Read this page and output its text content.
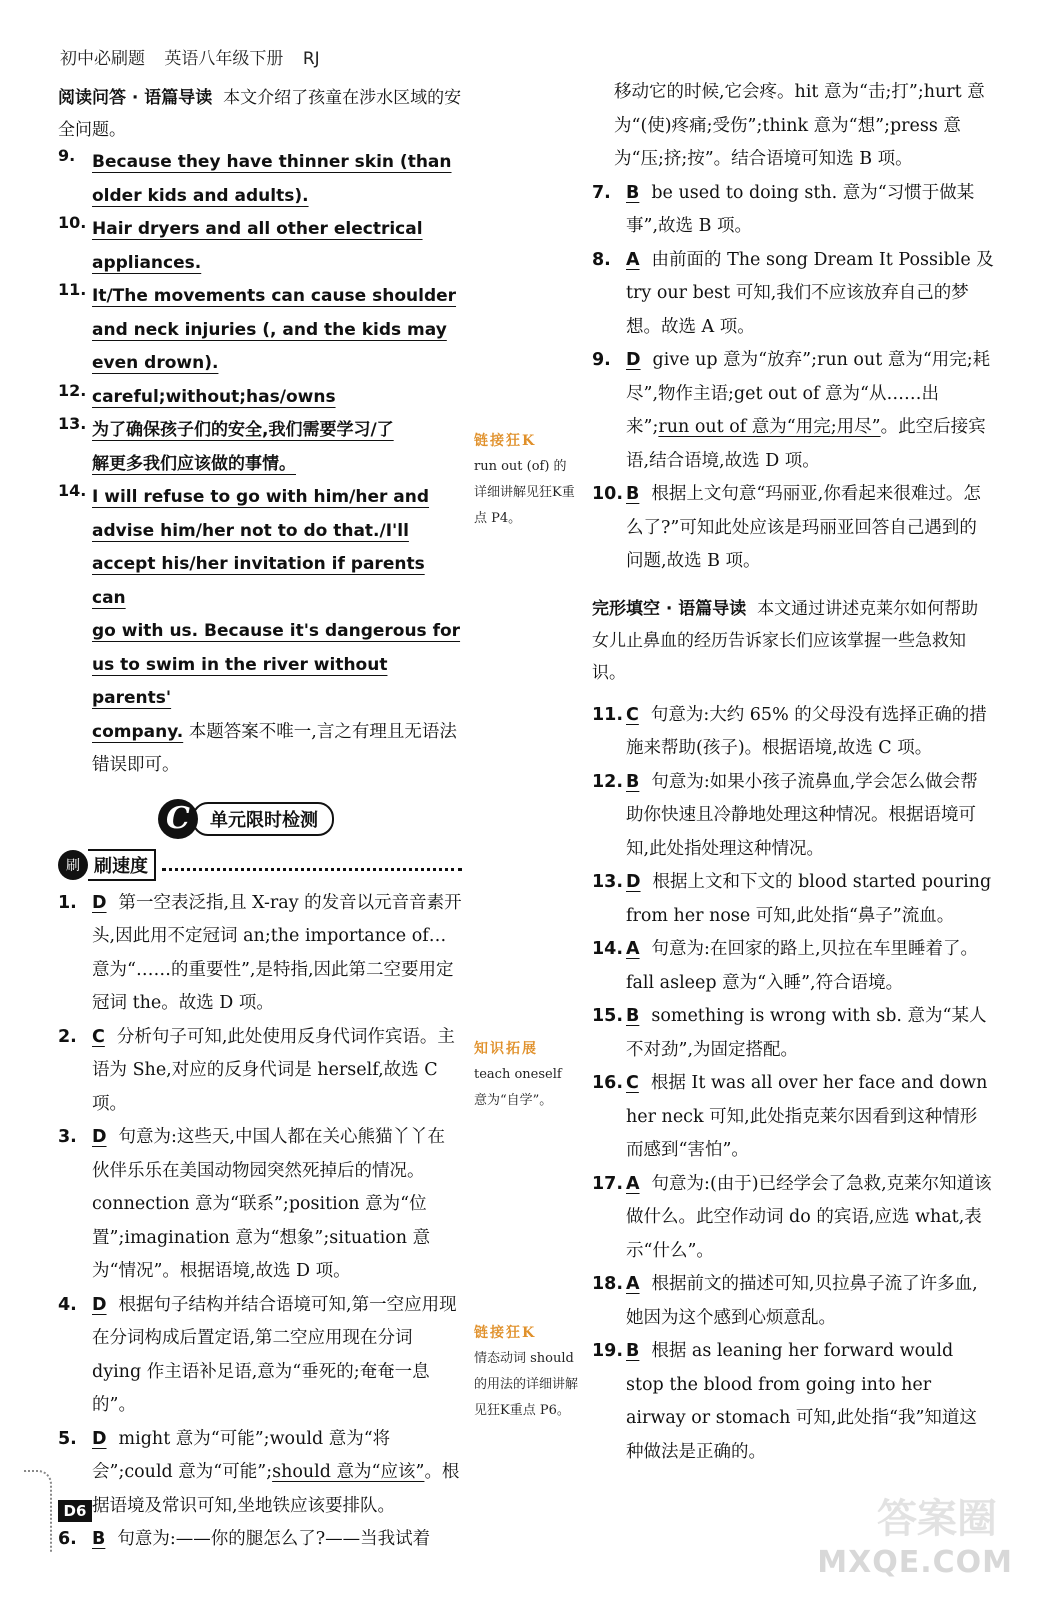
初中必刷题 英语八年级下册 RJ

阅读问答 · 语篇导读 本文介绍了孩童在涉水区域的安全问题。

9. Because they have thinner skin (than
older kids and adults).
10. Hair dryers and all other electrical
appliances.
11. It/The movements can cause shoulder
and neck injuries (, and the kids may
even drown).
12. careful;without;has/owns
13. 为了确保孩子们的安全,我们需要学习/了
解更多我们应该做的事情。
14. I will refuse to go with him/her and
advise him/her not to do that./I'll
accept his/her invitation if parents can
go with us. Because it's dangerous for
us to swim in the river without parents'
company. 本题答案不唯一,言之有理且无语法错误即可。
C	单元限时检测
刷 刷速度
1. D 第一空表泛指,且 X-ray 的发音以元音音素开头,因此用不定冠词 an;the importance of… 意为“……的重要性”,是特指,因此第二空要用定冠词 the。故选 D 项。
2. C 分析句子可知,此处使用反身代词作宾语。主语为 She,对应的反身代词是 herself,故选 C 项。
3. D 句意为:这些天,中国人都在关心熊猫丫丫在伙伴乐乐在美国动物园突然死掉后的情况。connection 意为“联系”;position 意为“位置”;imagination 意为“想象”;situation 意为“情况”。根据语境,故选 D 项。
4. D 根据句子结构并结合语境可知,第一空应用现在分词构成后置定语,第二空应用现在分词 dying 作主语补足语,意为“垂死的;奄奄一息的”。
5. D might 意为“可能”;would 意为“将会”;could 意为“可能”;should 意为“应该”。根据语境及常识可知,坐地铁应该要排队。
6. B 句意为:——你的腿怎么了?——当我试着
链接狂K
run out (of) 的详细讲解见狂K重点 P4。
知识拓展
teach oneself 意为“自学”。
链接狂K
情态动词 should 的用法的详细讲解见狂K重点 P6。

移动它的时候,它会疼。hit 意为“击;打”;hurt 意为“(使)疼痛;受伤”;think 意为“想”;press 意为“压;挤;按”。结合语境可知选 B 项。

7. B be used to doing sth. 意为“习惯于做某事”,故选 B 项。
8. A 由前面的 The song Dream It Possible 及 try our best 可知,我们不应该放弃自己的梦想。故选 A 项。
9. D give up 意为“放弃”;run out 意为“用完;耗尽”,物作主语;get out of 意为“从……出来”;run out of 意为“用完;用尽”。此空后接宾语,结合语境,故选 D 项。
10. B 根据上文句意“玛丽亚,你看起来很难过。怎么了?”可知此处应该是玛丽亚回答自己遇到的问题,故选 B 项。

完形填空 · 语篇导读 本文通过讲述克莱尔如何帮助女儿止鼻血的经历告诉家长们应该掌握一些急救知识。

11. C 句意为:大约 65% 的父母没有选择正确的措施来帮助(孩子)。根据语境,故选 C 项。
12. B 句意为:如果小孩子流鼻血,学会怎么做会帮助你快速且冷静地处理这种情况。根据语境可知,此处指处理这种情况。
13. D 根据上文和下文的 blood started pouring from her nose 可知,此处指“鼻子”流血。
14. A 句意为:在回家的路上,贝拉在车里睡着了。fall asleep 意为“入睡”,符合语境。
15. B something is wrong with sb. 意为“某人不对劲”,为固定搭配。
16. C 根据 It was all over her face and down her neck 可知,此处指克莱尔因看到这种情形而感到“害怕”。
17. A 句意为:(由于)已经学会了急救,克莱尔知道该做什么。此空作动词 do 的宾语,应选 what,表示“什么”。
18. A 根据前文的描述可知,贝拉鼻子流了许多血,她因为这个感到心烦意乱。
19. B 根据 as leaning her forward would stop the blood from going into her airway or stomach 可知,此处指“我”知道这种做法是正确的。
D6	答案圈
MXQE.COM
